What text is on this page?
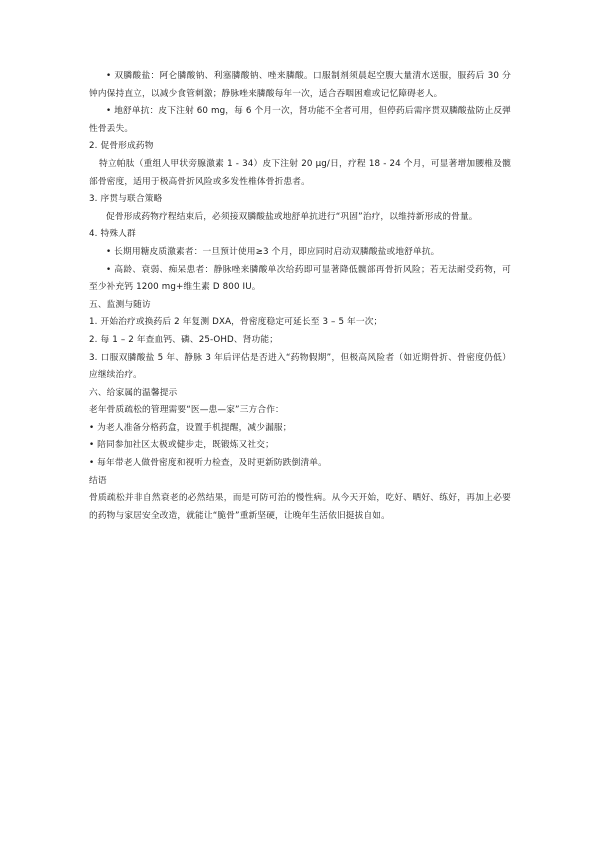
• 双膦酸盐：阿仑膦酸钠、利塞膦酸钠、唑来膦酸。口服制剂须晨起空腹大量清水送服，服药后 30 分钟内保持直立，以减少食管刺激；静脉唑来膦酸每年一次，适合吞咽困难或记忆障碍老人。

• 地舒单抗：皮下注射 60 mg，每 6 个月一次，肾功能不全者可用，但停药后需序贯双膦酸盐防止反弹性骨丢失。

2. 促骨形成药物

特立帕肽（重组人甲状旁腺激素 1 - 34）皮下注射 20 μg/日，疗程 18 - 24 个月，可显著增加腰椎及髋部骨密度，适用于极高骨折风险或多发性椎体骨折患者。

3. 序贯与联合策略

促骨形成药物疗程结束后，必须接双膦酸盐或地舒单抗进行“巩固”治疗，以维持新形成的骨量。

4. 特殊人群

• 长期用糖皮质激素者：一旦预计使用≥3 个月，即应同时启动双膦酸盐或地舒单抗。

• 高龄、衰弱、痴呆患者：静脉唑来膦酸单次给药即可显著降低髋部再骨折风险；若无法耐受药物，可至少补充钙 1200 mg+维生素 D 800 IU。

五、监测与随访

1. 开始治疗或换药后 2 年复测 DXA，骨密度稳定可延长至 3 – 5 年一次；

2. 每 1 – 2 年查血钙、磷、25-OHD、肾功能；

3. 口服双膦酸盐 5 年、静脉 3 年后评估是否进入“药物假期”，但极高风险者（如近期骨折、骨密度仍低）应继续治疗。

六、给家属的温馨提示

老年骨质疏松的管理需要“医—患—家”三方合作：

• 为老人准备分格药盒，设置手机提醒，减少漏服；

• 陪同参加社区太极或健步走，既锻炼又社交；

• 每年带老人做骨密度和视听力检查，及时更新防跌倒清单。

结语

骨质疏松并非自然衰老的必然结果，而是可防可治的慢性病。从今天开始，吃好、晒好、练好，再加上必要的药物与家居安全改造，就能让“脆骨”重新坚硬，让晚年生活依旧挺拔自如。
